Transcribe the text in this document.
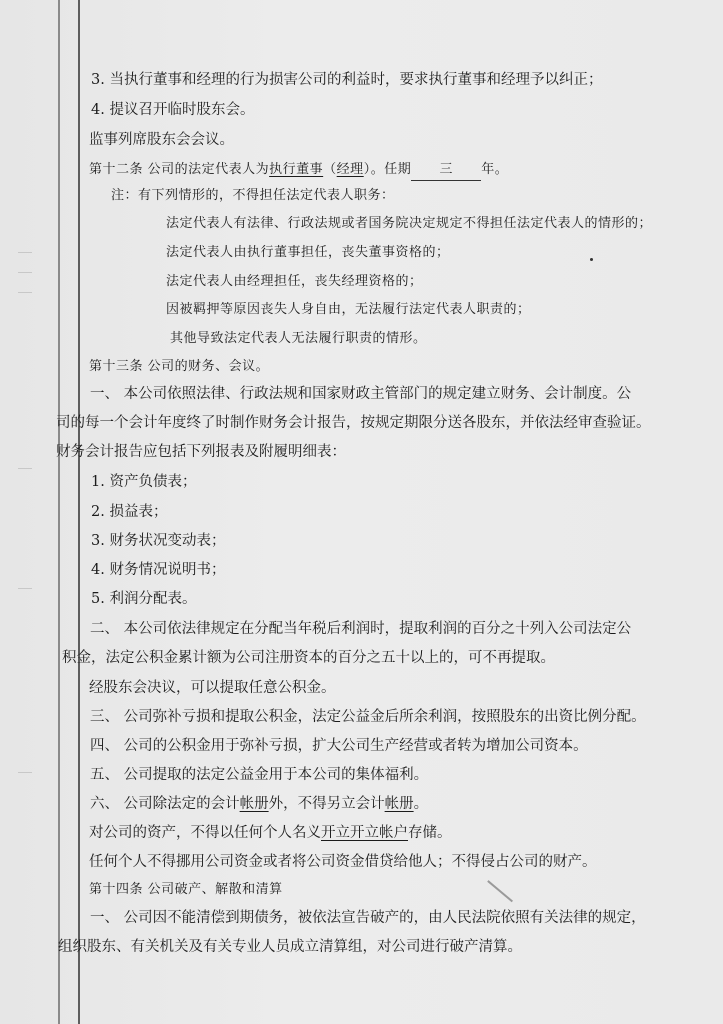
3. 当执行董事和经理的行为损害公司的利益时，要求执行董事和经理予以纠正；
4. 提议召开临时股东会。
监事列席股东会会议。
第十二条 公司的法定代表人为执行董事（经理）。任期 三 年。
注：有下列情形的，不得担任法定代表人职务：
法定代表人有法律、行政法规或者国务院决定规定不得担任法定代表人的情形的；
法定代表人由执行董事担任，丧失董事资格的；
法定代表人由经理担任，丧失经理资格的；
因被羁押等原因丧失人身自由，无法履行法定代表人职责的；
其他导致法定代表人无法履行职责的情形。
第十三条 公司的财务、会议。
一、 本公司依照法律、行政法规和国家财政主管部门的规定建立财务、会计制度。公
司的每一个会计年度终了时制作财务会计报告，按规定期限分送各股东，并依法经审查验证。
财务会计报告应包括下列报表及附履明细表：
1. 资产负债表；
2. 损益表；
3. 财务状况变动表；
4. 财务情况说明书；
5. 利润分配表。
二、 本公司依法律规定在分配当年税后利润时，提取利润的百分之十列入公司法定公
积金，法定公积金累计额为公司注册资本的百分之五十以上的，可不再提取。
经股东会决议，可以提取任意公积金。
三、 公司弥补亏损和提取公积金，法定公益金后所余利润，按照股东的出资比例分配。
四、 公司的公积金用于弥补亏损，扩大公司生产经营或者转为增加公司资本。
五、 公司提取的法定公益金用于本公司的集体福利。
六、 公司除法定的会计帐册外，不得另立会计帐册。
对公司的资产，不得以任何个人名义开立开立帐户存储。
任何个人不得挪用公司资金或者将公司资金借贷给他人；不得侵占公司的财产。
第十四条 公司破产、解散和清算
一、 公司因不能清偿到期债务，被依法宣告破产的，由人民法院依照有关法律的规定，
组织股东、有关机关及有关专业人员成立清算组，对公司进行破产清算。
